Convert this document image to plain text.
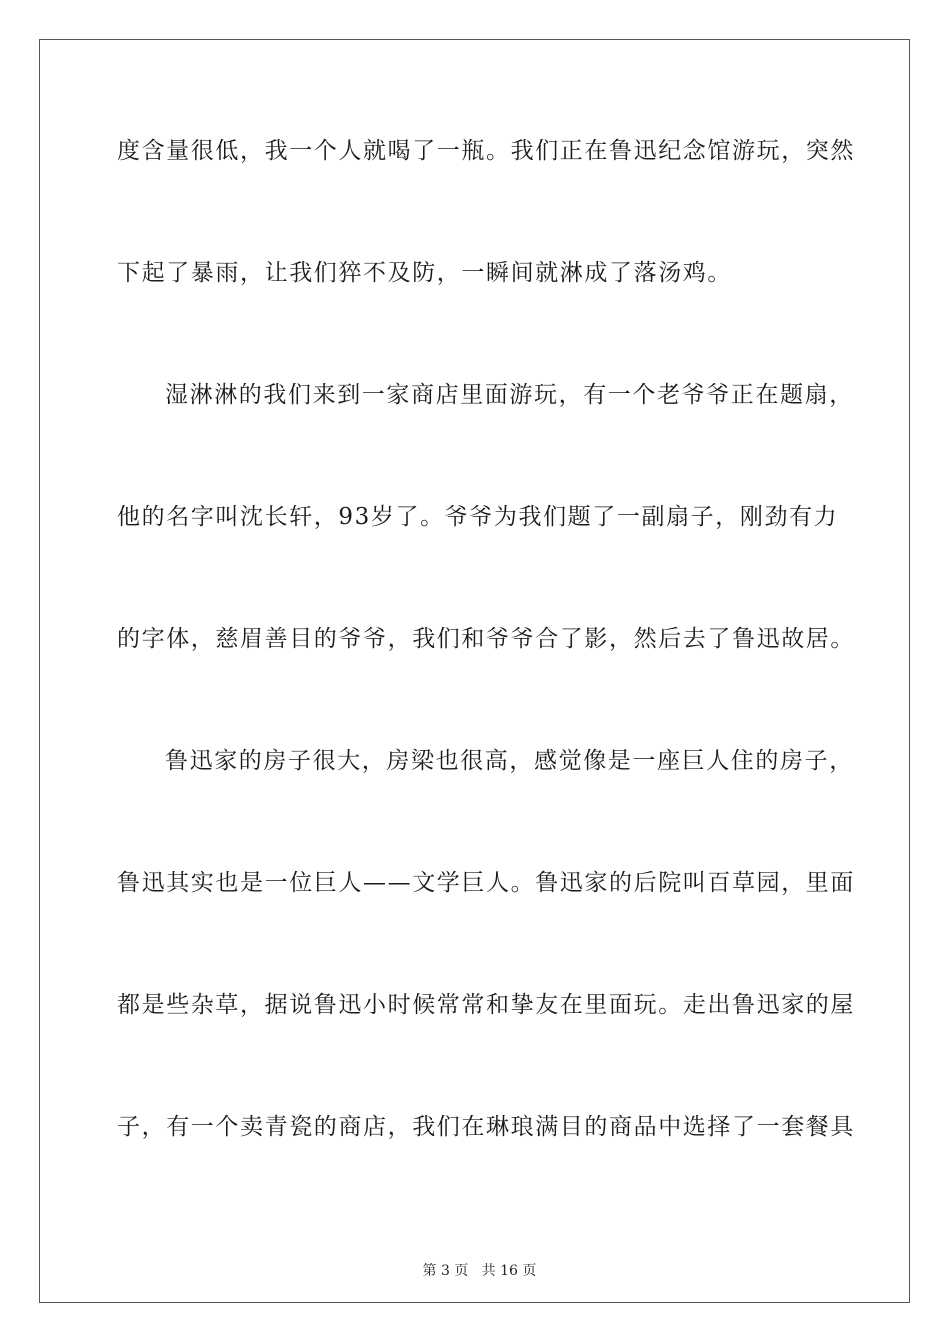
度含量很低，我一个人就喝了一瓶。我们正在鲁迅纪念馆游玩，突然
下起了暴雨，让我们猝不及防，一瞬间就淋成了落汤鸡。
湿淋淋的我们来到一家商店里面游玩，有一个老爷爷正在题扇，
他的名字叫沈长轩，93岁了。爷爷为我们题了一副扇子，刚劲有力
的字体，慈眉善目的爷爷，我们和爷爷合了影，然后去了鲁迅故居。
鲁迅家的房子很大，房梁也很高，感觉像是一座巨人住的房子，
鲁迅其实也是一位巨人——文学巨人。鲁迅家的后院叫百草园，里面
都是些杂草，据说鲁迅小时候常常和挚友在里面玩。走出鲁迅家的屋
子，有一个卖青瓷的商店，我们在琳琅满目的商品中选择了一套餐具

第 3 页   共 16 页
